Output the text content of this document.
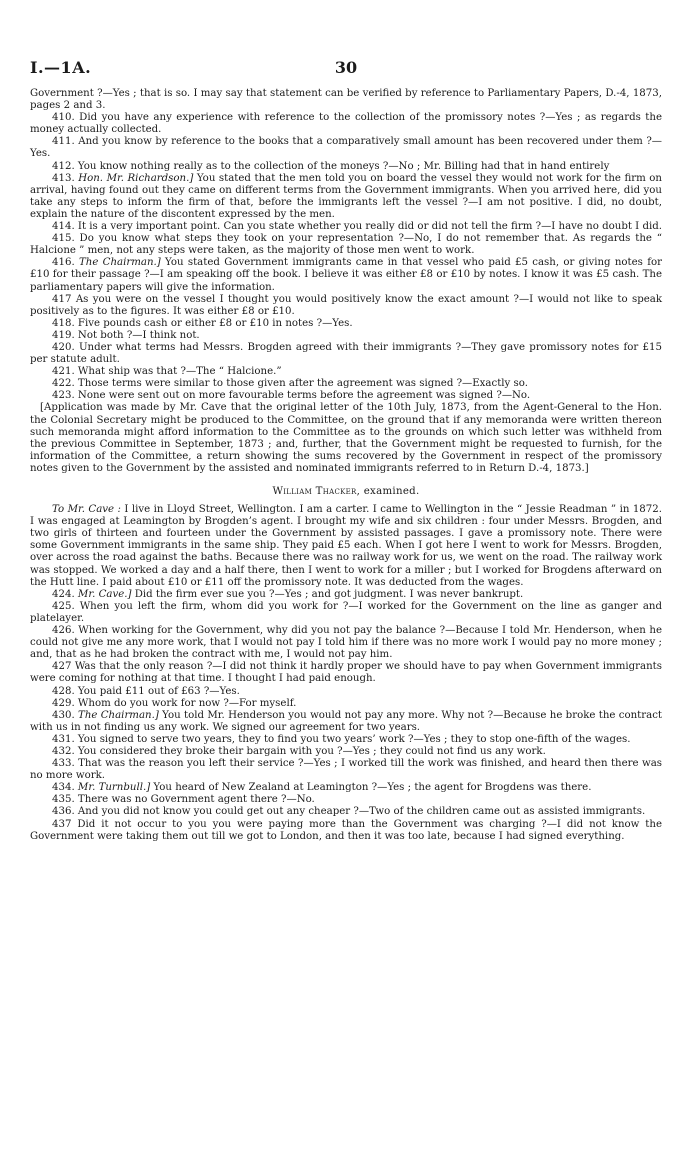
I.—1A.	30

Government ?—Yes ; that is so. I may say that statement can be verified by reference to Parliamentary Papers, D.-4, 1873, pages 2 and 3.

410. Did you have any experience with reference to the collection of the promissory notes ?—Yes ; as regards the money actually collected.

411. And you know by reference to the books that a comparatively small amount has been recovered under them ?—Yes.

412. You know nothing really as to the collection of the moneys ?—No ; Mr. Billing had that in hand entirely

413. Hon. Mr. Richardson.] You stated that the men told you on board the vessel they would not work for the firm on arrival, having found out they came on different terms from the Government immigrants. When you arrived here, did you take any steps to inform the firm of that, before the immigrants left the vessel ?—I am not positive. I did, no doubt, explain the nature of the discontent expressed by the men.

414. It is a very important point. Can you state whether you really did or did not tell the firm ?—I have no doubt I did.

415. Do you know what steps they took on your representation ?—No, I do not remember that. As regards the “ Halcione ” men, not any steps were taken, as the majority of those men went to work.

416. The Chairman.] You stated Government immigrants came in that vessel who paid £5 cash, or giving notes for £10 for their passage ?—I am speaking off the book. I believe it was either £8 or £10 by notes. I know it was £5 cash. The parliamentary papers will give the information.

417 As you were on the vessel I thought you would positively know the exact amount ?—I would not like to speak positively as to the figures. It was either £8 or £10.

418. Five pounds cash or either £8 or £10 in notes ?—Yes.

419. Not both ?—I think not.

420. Under what terms had Messrs. Brogden agreed with their immigrants ?—They gave promissory notes for £15 per statute adult.

421. What ship was that ?—The “ Halcione.”

422. Those terms were similar to those given after the agreement was signed ?—Exactly so.

423. None were sent out on more favourable terms before the agreement was signed ?—No.

[Application was made by Mr. Cave that the original letter of the 10th July, 1873, from the Agent-General to the Hon. the Colonial Secretary might be produced to the Committee, on the ground that if any memoranda were written thereon such memoranda might afford information to the Committee as to the grounds on which such letter was withheld from the previous Committee in September, 1873 ; and, further, that the Government might be requested to furnish, for the information of the Committee, a return showing the sums recovered by the Government in respect of the promissory notes given to the Government by the assisted and nominated immigrants referred to in Return D.-4, 1873.]

William Thacker, examined.

To Mr. Cave : I live in Lloyd Street, Wellington. I am a carter. I came to Wellington in the “ Jessie Readman ” in 1872. I was engaged at Leamington by Brogden’s agent. I brought my wife and six children : four under Messrs. Brogden, and two girls of thirteen and fourteen under the Government by assisted passages. I gave a promissory note. There were some Government immigrants in the same ship. They paid £5 each. When I got here I went to work for Messrs. Brogden, over across the road against the baths. Because there was no railway work for us, we went on the road. The railway work was stopped. We worked a day and a half there, then I went to work for a miller ; but I worked for Brogdens afterward on the Hutt line. I paid about £10 or £11 off the promissory note. It was deducted from the wages.

424. Mr. Cave.] Did the firm ever sue you ?—Yes ; and got judgment. I was never bankrupt.

425. When you left the firm, whom did you work for ?—I worked for the Government on the line as ganger and platelayer.

426. When working for the Government, why did you not pay the balance ?—Because I told Mr. Henderson, when he could not give me any more work, that I would not pay I told him if there was no more work I would pay no more money ; and, that as he had broken the contract with me, I would not pay him.

427 Was that the only reason ?—I did not think it hardly proper we should have to pay when Government immigrants were coming for nothing at that time. I thought I had paid enough.

428. You paid £11 out of £63 ?—Yes.

429. Whom do you work for now ?—For myself.

430. The Chairman.] You told Mr. Henderson you would not pay any more. Why not ?—Because he broke the contract with us in not finding us any work. We signed our agreement for two years.

431. You signed to serve two years, they to find you two years’ work ?—Yes ; they to stop one-fifth of the wages.

432. You considered they broke their bargain with you ?—Yes ; they could not find us any work.

433. That was the reason you left their service ?—Yes ; I worked till the work was finished, and heard then there was no more work.

434. Mr. Turnbull.] You heard of New Zealand at Leamington ?—Yes ; the agent for Brogdens was there.

435. There was no Government agent there ?—No.

436. And you did not know you could get out any cheaper ?—Two of the children came out as assisted immigrants.

437 Did it not occur to you you were paying more than the Government was charging ?—I did not know the Government were taking them out till we got to London, and then it was too late, because I had signed everything.
